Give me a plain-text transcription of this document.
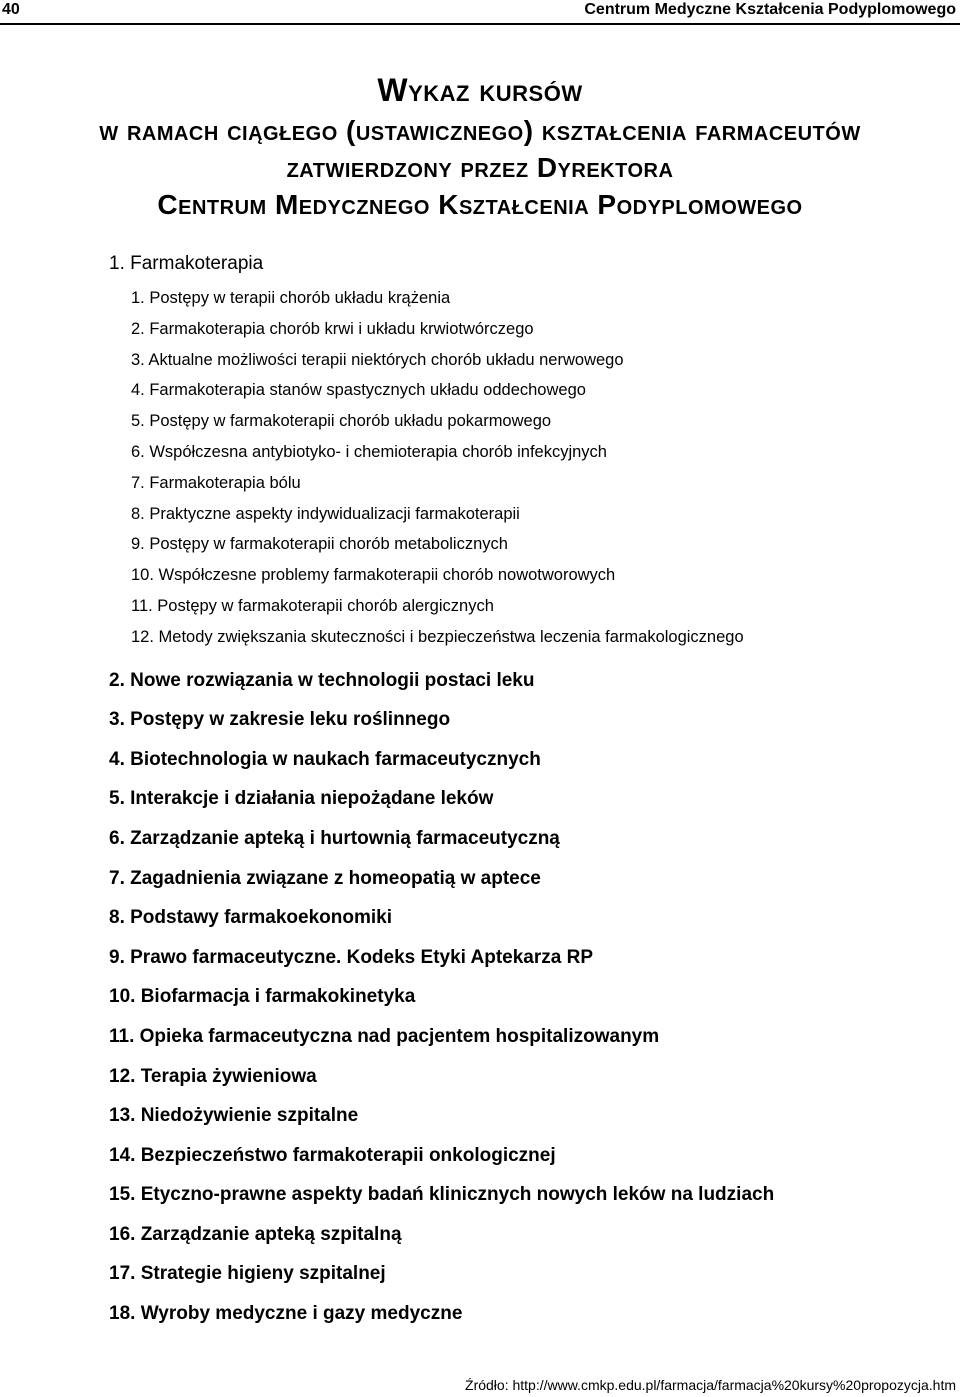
40	Centrum Medyczne Kształcenia Podyplomowego

Wykaz kursów

w ramach ciągłego (ustawicznego) kształcenia farmaceutów

zatwierdzony przez Dyrektora

Centrum Medycznego Kształcenia Podyplomowego

1. Farmakoterapia

1. Postępy w terapii chorób układu krążenia
2. Farmakoterapia chorób krwi i układu krwiotwórczego
3. Aktualne możliwości terapii niektórych chorób układu nerwowego
4. Farmakoterapia stanów spastycznych układu oddechowego
5. Postępy w farmakoterapii chorób układu pokarmowego
6. Współczesna antybiotyko- i chemioterapia chorób infekcyjnych
7. Farmakoterapia bólu
8. Praktyczne aspekty indywidualizacji farmakoterapii
9. Postępy w farmakoterapii chorób metabolicznych
10. Współczesne problemy farmakoterapii chorób nowotworowych
11. Postępy w farmakoterapii chorób alergicznych
12. Metody zwiększania skuteczności i bezpieczeństwa leczenia farmakologicznego
2. Nowe rozwiązania w technologii postaci leku
3. Postępy w zakresie leku roślinnego
4. Biotechnologia w naukach farmaceutycznych
5. Interakcje i działania niepożądane leków
6. Zarządzanie apteką i hurtownią farmaceutyczną
7. Zagadnienia związane z homeopatią w aptece
8. Podstawy farmakoekonomiki
9. Prawo farmaceutyczne. Kodeks Etyki Aptekarza RP
10. Biofarmacja i farmakokinetyka
11. Opieka farmaceutyczna nad pacjentem hospitalizowanym
12. Terapia żywieniowa
13. Niedożywienie szpitalne
14. Bezpieczeństwo farmakoterapii onkologicznej
15. Etyczno-prawne aspekty badań klinicznych nowych leków na ludziach
16. Zarządzanie apteką szpitalną
17. Strategie higieny szpitalnej
18. Wyroby medyczne i gazy medyczne
Źródło: http://www.cmkp.edu.pl/farmacja/farmacja%20kursy%20propozycja.htm
